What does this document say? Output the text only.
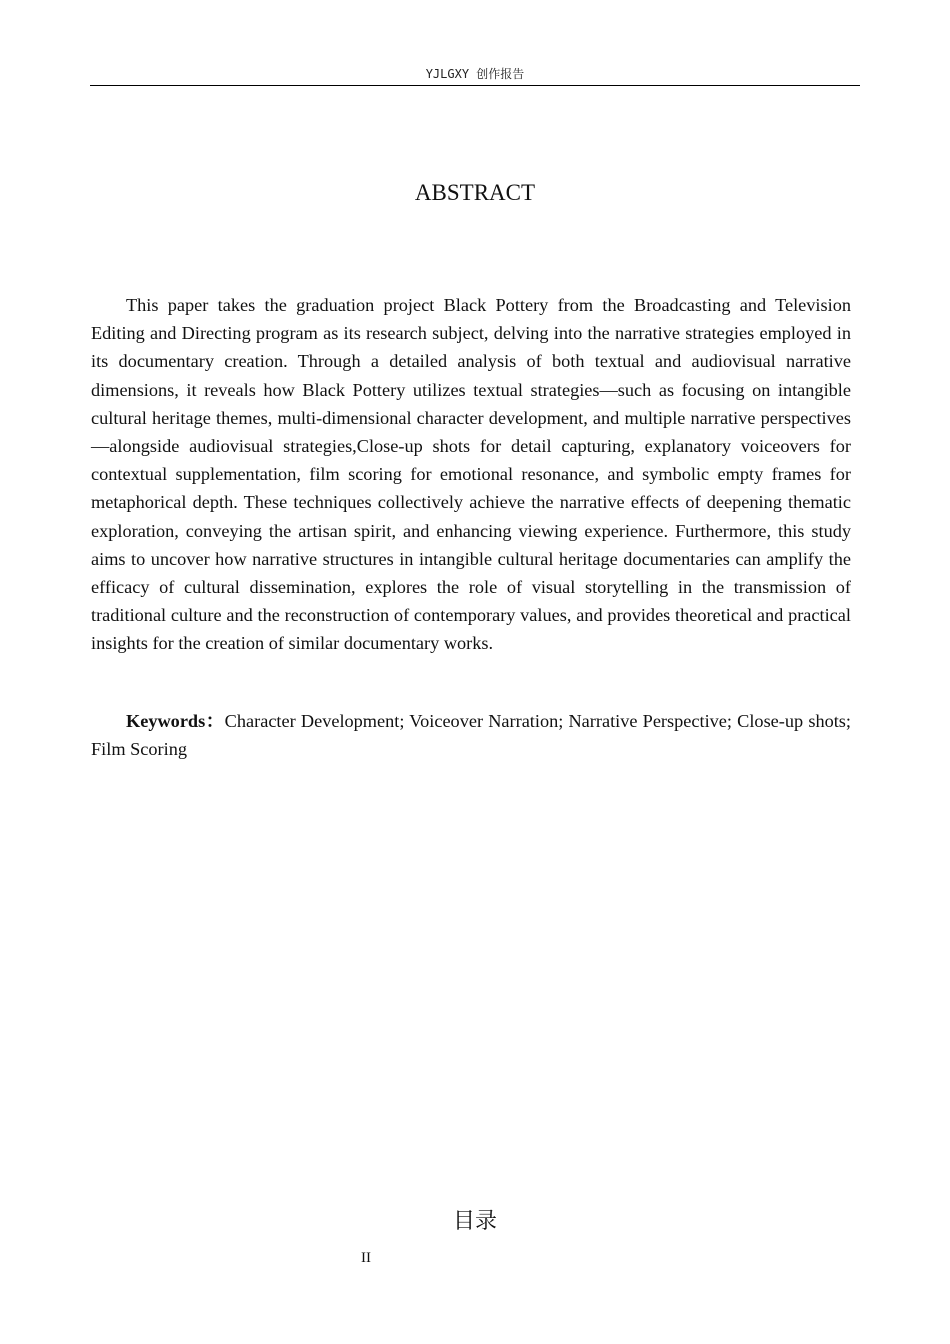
YJLGXY 创作报告
ABSTRACT

This paper takes the graduation project Black Pottery from the Broadcasting and Television Editing and Directing program as its research subject, delving into the narrative strategies employed in its documentary creation. Through a detailed analysis of both textual and audiovisual narrative dimensions, it reveals how Black Pottery utilizes textual strategies—such as focusing on intangible cultural heritage themes, multi-dimensional character development, and multiple narrative perspectives—alongside audiovisual strategies,Close-up shots for detail capturing, explanatory voiceovers for contextual supplementation, film scoring for emotional resonance, and symbolic empty frames for metaphorical depth. These techniques collectively achieve the narrative effects of deepening thematic exploration, conveying the artisan spirit, and enhancing viewing experience. Furthermore, this study aims to uncover how narrative structures in intangible cultural heritage documentaries can amplify the efficacy of cultural dissemination, explores the role of visual storytelling in the transmission of traditional culture and the reconstruction of contemporary values, and provides theoretical and practical insights for the creation of similar documentary works.

Keywords：Character Development; Voiceover Narration; Narrative Perspective; Close-up shots; Film Scoring

目录
II
